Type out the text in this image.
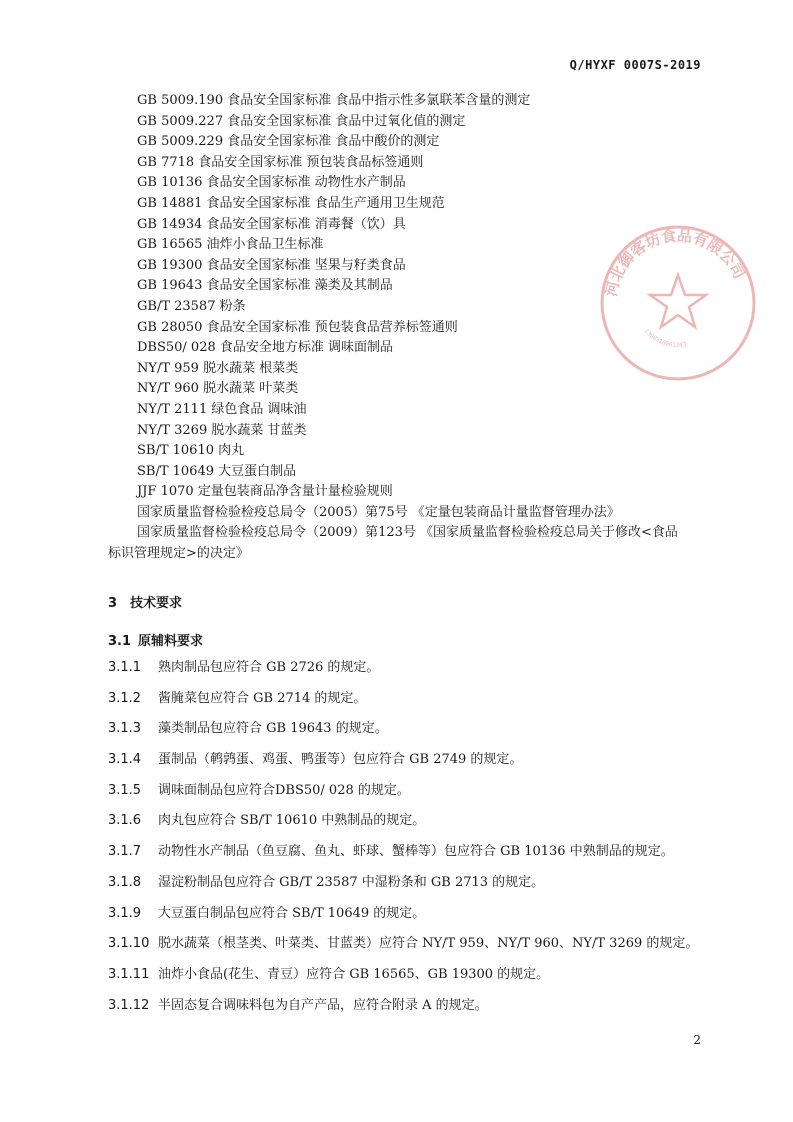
Q/HYXF 0007S-2019
GB 5009.190 食品安全国家标准 食品中指示性多氯联苯含量的测定
GB 5009.227 食品安全国家标准 食品中过氧化值的测定
GB 5009.229 食品安全国家标准 食品中酸价的测定
GB 7718 食品安全国家标准 预包装食品标签通则
GB 10136 食品安全国家标准 动物性水产制品
GB 14881 食品安全国家标准 食品生产通用卫生规范
GB 14934 食品安全国家标准 消毒餐（饮）具
GB 16565 油炸小食品卫生标准
GB 19300 食品安全国家标准 坚果与籽类食品
GB 19643 食品安全国家标准 藻类及其制品
GB/T 23587 粉条
GB 28050 食品安全国家标准 预包装食品营养标签通则
DBS50/ 028 食品安全地方标准 调味面制品
NY/T 959 脱水蔬菜 根菜类
NY/T 960 脱水蔬菜 叶菜类
NY/T 2111 绿色食品 调味油
NY/T 3269 脱水蔬菜 甘蓝类
SB/T 10610 肉丸
SB/T 10649 大豆蛋白制品
JJF 1070 定量包装商品净含量计量检验规则
国家质量监督检验检疫总局令（2005）第75号 《定量包装商品计量监督管理办法》
国家质量监督检验检疫总局令（2009）第123号 《国家质量监督检验检疫总局关于修改<食品
标识管理规定>的决定》
3 技术要求
3.1 原辅料要求
3.1.1 熟肉制品包应符合 GB 2726 的规定。
3.1.2 酱腌菜包应符合 GB 2714 的规定。
3.1.3 藻类制品包应符合 GB 19643 的规定。
3.1.4 蛋制品（鹌鹑蛋、鸡蛋、鸭蛋等）包应符合 GB 2749 的规定。
3.1.5 调味面制品包应符合DBS50/ 028 的规定。
3.1.6 肉丸包应符合 SB/T 10610 中熟制品的规定。
3.1.7 动物性水产制品（鱼豆腐、鱼丸、虾球、蟹棒等）包应符合 GB 10136 中熟制品的规定。
3.1.8 湿淀粉制品包应符合 GB/T 23587 中湿粉条和 GB 2713 的规定。
3.1.9 大豆蛋白制品包应符合 SB/T 10649 的规定。
3.1.10 脱水蔬菜（根茎类、叶菜类、甘蓝类）应符合 NY/T 959、NY/T 960、NY/T 3269 的规定。
3.1.11 油炸小食品(花生、青豆）应符合 GB 16565、GB 19300 的规定。
3.1.12 半固态复合调味料包为自产产品，应符合附录 A 的规定。
河北御客坊食品有限公司
1308310001243
2
